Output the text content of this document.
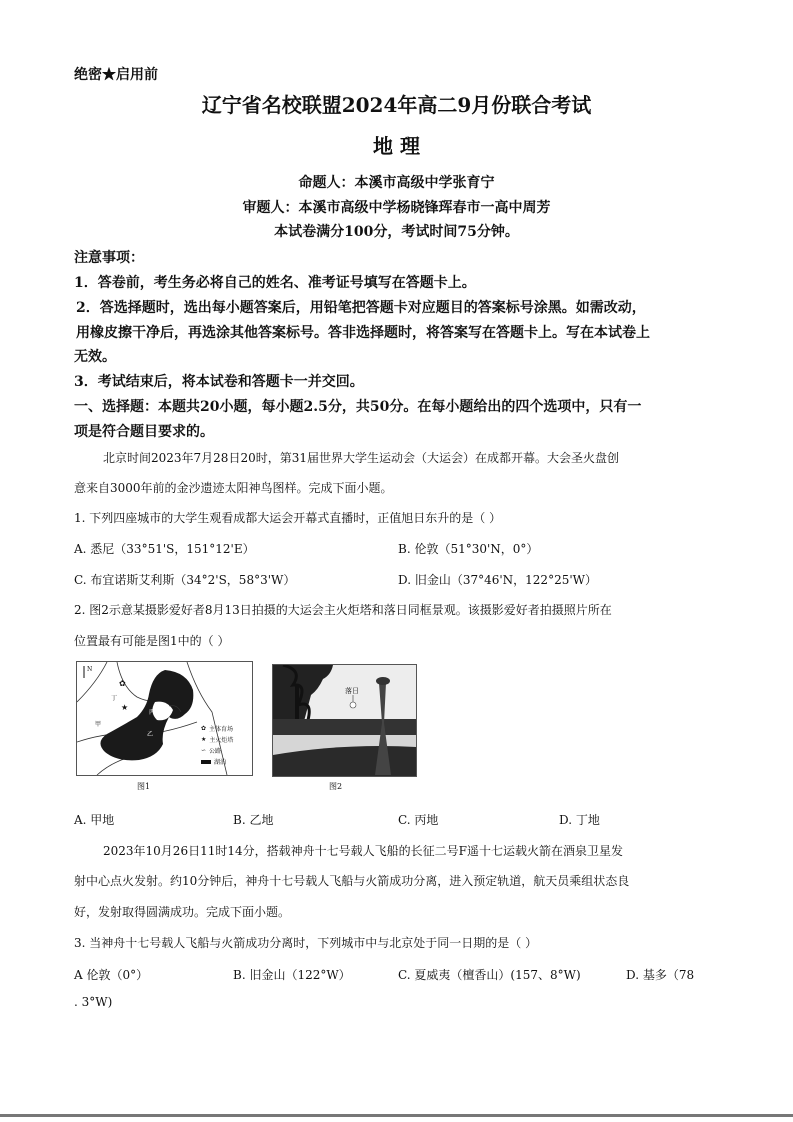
绝密★启用前
辽宁省名校联盟2024年高二9月份联合考试
地 理
命题人：本溪市高级中学张育宁
审题人：本溪市高级中学杨晓锋珲春市一高中周芳
本试卷满分100分，考试时间75分钟。
注意事项：
1．答卷前，考生务必将自己的姓名、准考证号填写在答题卡上。
2．答选择题时，选出每小题答案后，用铅笔把答题卡对应题目的答案标号涂黑。如需改动，
用橡皮擦干净后，再选涂其他答案标号。答非选择题时，将答案写在答题卡上。写在本试卷上
无效。
3．考试结束后，将本试卷和答题卡一并交回。
一、选择题：本题共20小题，每小题2.5分，共50分。在每小题给出的四个选项中，只有一
项是符合题目要求的。
北京时间2023年7月28日20时，第31届世界大学生运动会（大运会）在成都开幕。大会圣火盘创
意来自3000年前的金沙遗迹太阳神鸟图样。完成下面小题。
1. 下列四座城市的大学生观看成都大运会开幕式直播时，正值旭日东升的是（ ）
A. 悉尼（33°51'S，151°12'E）	B. 伦敦（51°30'N，0°）
C. 布宜诺斯艾利斯（34°2'S，58°3'W）	D. 旧金山（37°46'N，122°25'W）
2. 图2示意某摄影爱好者8月13日拍摄的大运会主火炬塔和落日同框景观。该摄影爱好者拍摄照片所在
位置最有可能是图1中的（ ）
N
✿
★
丁
甲
丙
乙
✿ 主体育场
★ 主火炬塔
∽ 公路
湖泊
图1
落日
图2
A. 甲地	B. 乙地	C. 丙地	D. 丁地
2023年10月26日11时14分，搭载神舟十七号载人飞船的长征二号F遥十七运载火箭在酒泉卫星发
射中心点火发射。约10分钟后，神舟十七号载人飞船与火箭成功分离，进入预定轨道，航天员乘组状态良
好，发射取得圆满成功。完成下面小题。
3. 当神舟十七号载人飞船与火箭成功分离时，下列城市中与北京处于同一日期的是（ ）
A 伦敦（0°）	B. 旧金山（122°W）	C. 夏威夷（檀香山）(157、8°W)	D. 基多（78
. 3°W)
